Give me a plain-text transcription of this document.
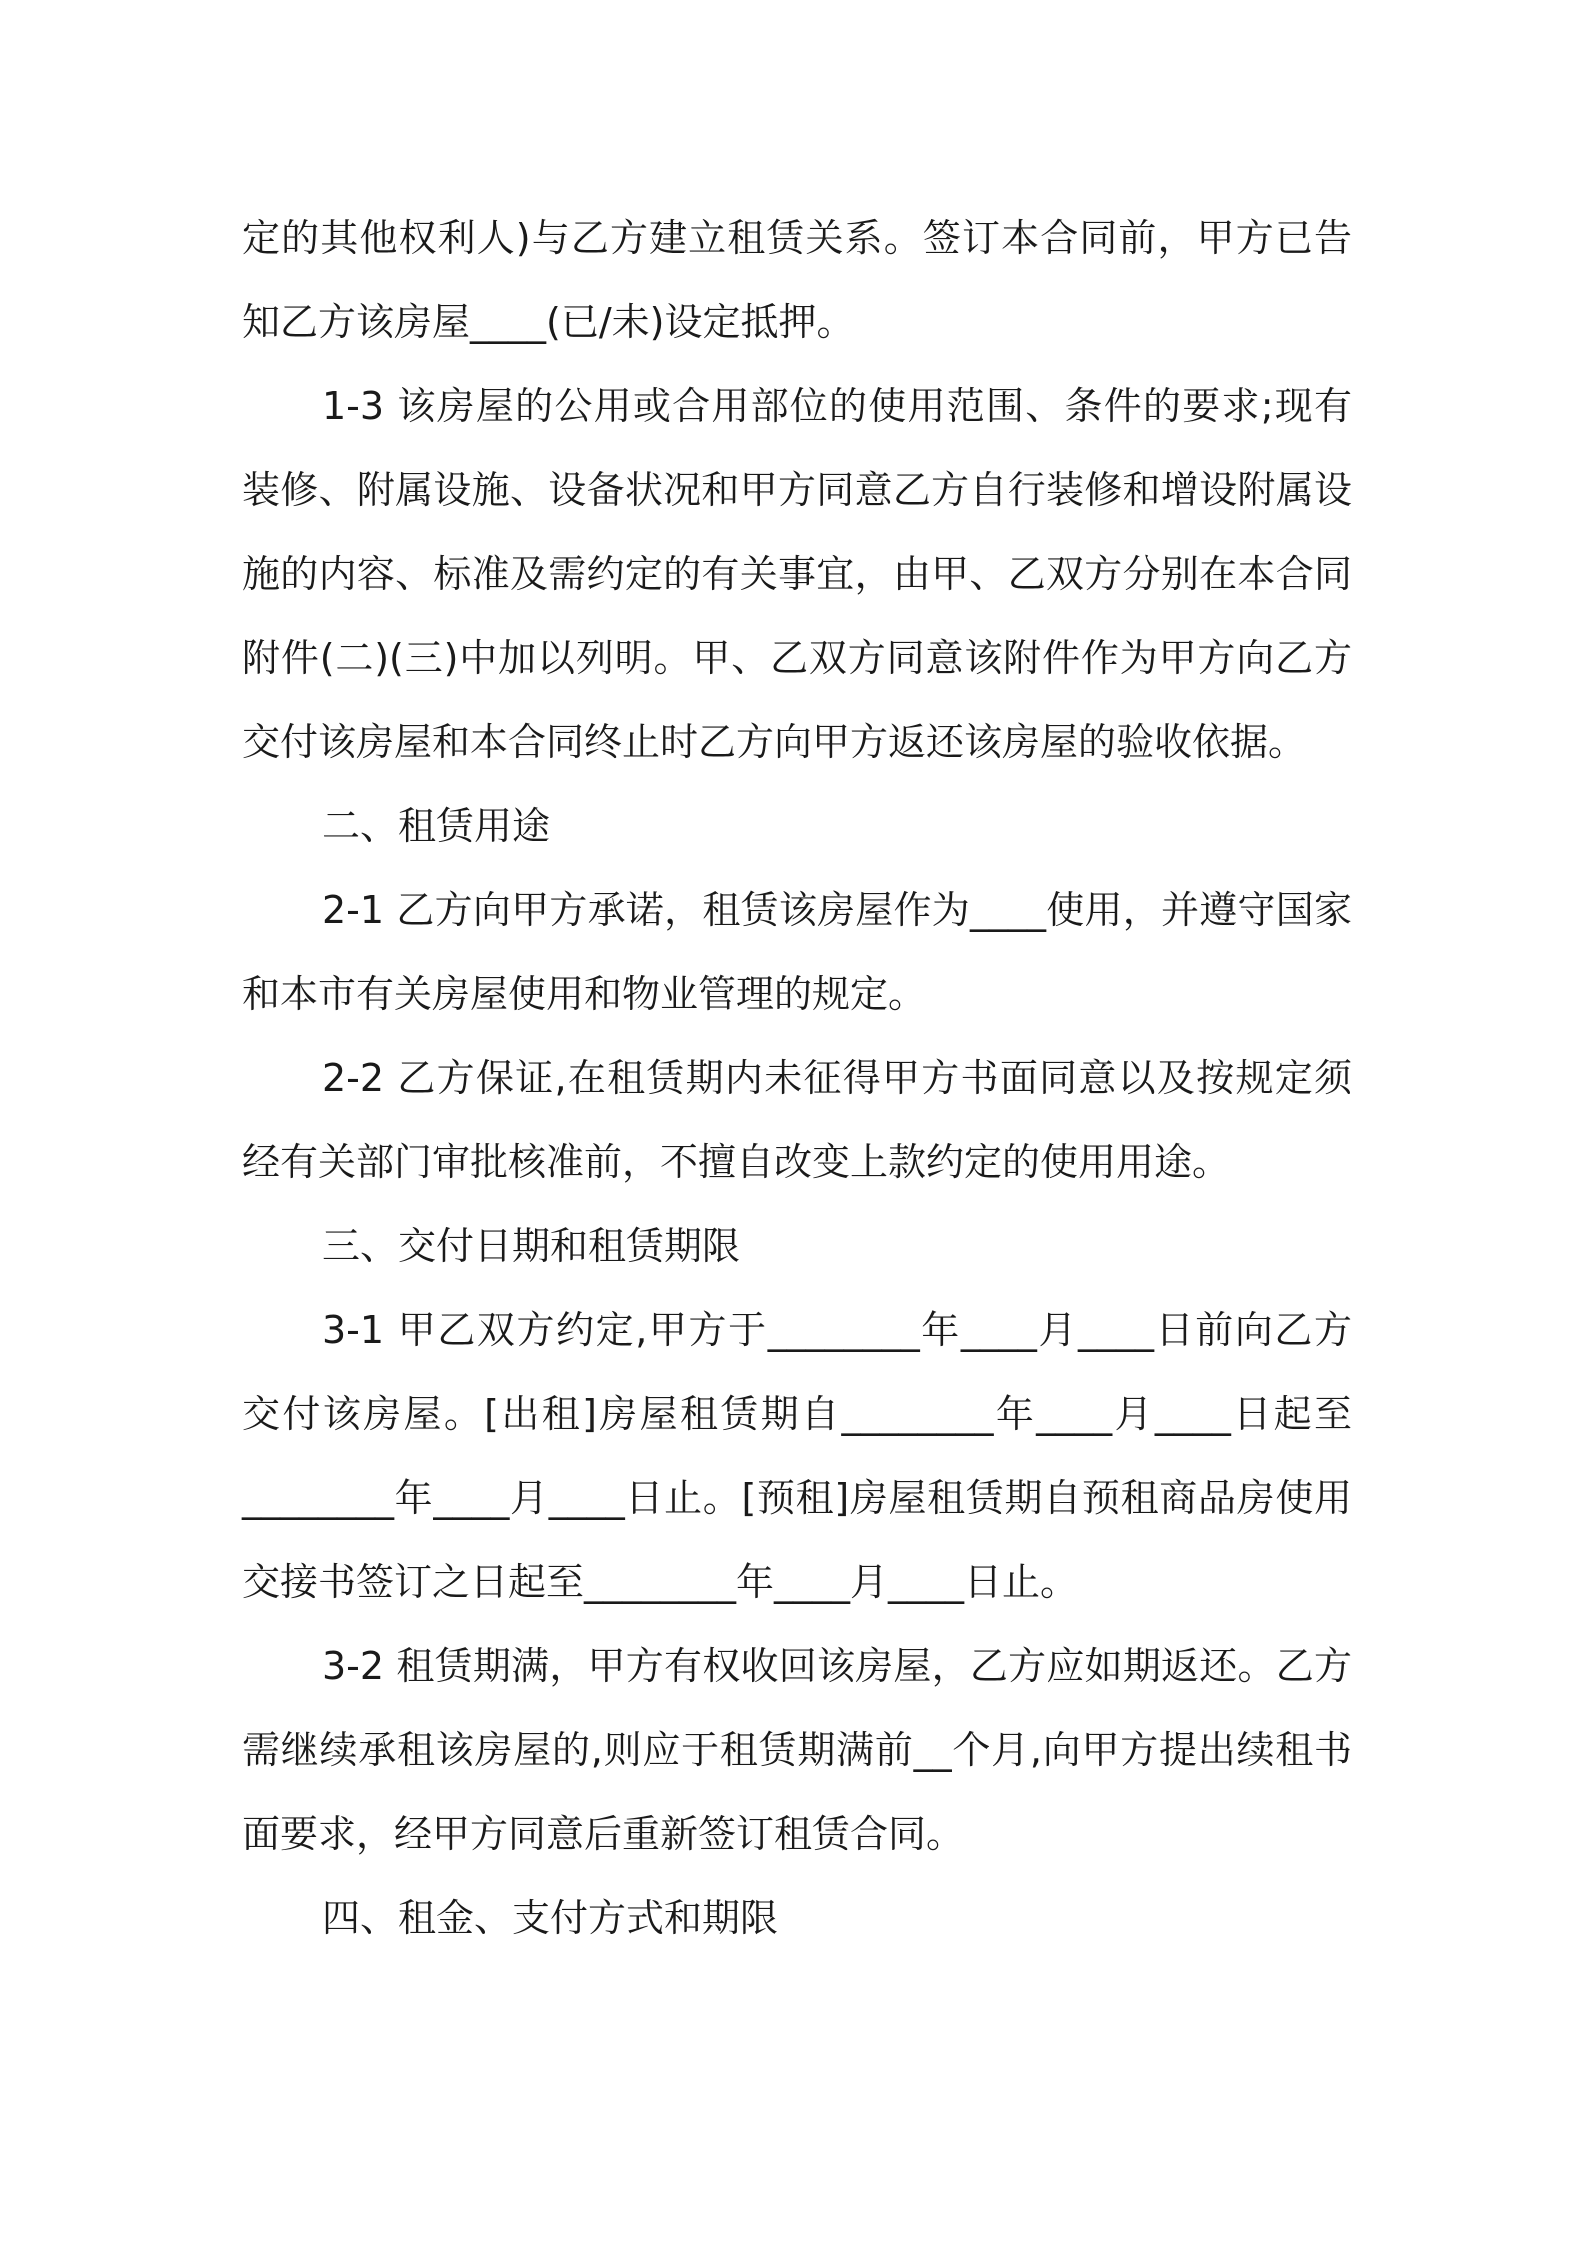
定的其他权利人)与乙方建立租赁关系。签订本合同前，甲方已告知乙方该房屋____(已/未)设定抵押。

1-3 该房屋的公用或合用部位的使用范围、条件的要求;现有装修、附属设施、设备状况和甲方同意乙方自行装修和增设附属设施的内容、标准及需约定的有关事宜，由甲、乙双方分别在本合同附件(二)(三)中加以列明。甲、乙双方同意该附件作为甲方向乙方交付该房屋和本合同终止时乙方向甲方返还该房屋的验收依据。

二、租赁用途

2-1 乙方向甲方承诺，租赁该房屋作为____使用，并遵守国家和本市有关房屋使用和物业管理的规定。

2-2 乙方保证,在租赁期内未征得甲方书面同意以及按规定须经有关部门审批核准前，不擅自改变上款约定的使用用途。

三、交付日期和租赁期限

3-1 甲乙双方约定,甲方于________年____月____日前向乙方交付该房屋。[出租]房屋租赁期自________年____月____日起至________年____月____日止。[预租]房屋租赁期自预租商品房使用交接书签订之日起至________年____月____日止。

3-2 租赁期满，甲方有权收回该房屋，乙方应如期返还。乙方需继续承租该房屋的,则应于租赁期满前__个月,向甲方提出续租书面要求，经甲方同意后重新签订租赁合同。

四、租金、支付方式和期限
